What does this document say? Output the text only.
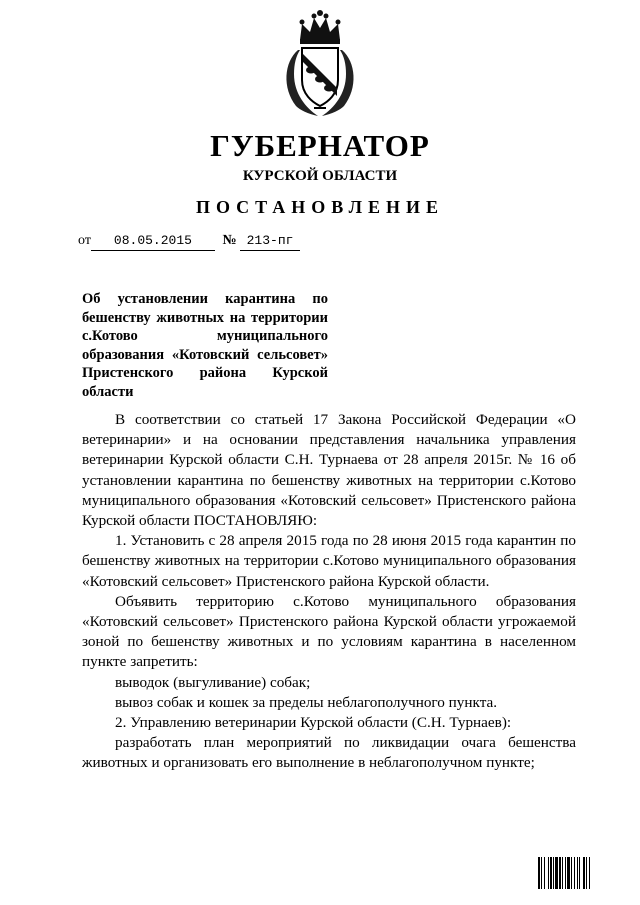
ГУБЕРНАТОР
КУРСКОЙ ОБЛАСТИ
ПОСТАНОВЛЕНИЕ
от 08.05.2015 № 213-пг
Об установлении карантина по бешенству животных на территории с.Котово муниципального образования «Котовский сельсовет» Пристенского района Курской области

В соответствии со статьей 17 Закона Российской Федерации «О ветеринарии» и на основании представления начальника управления ветеринарии Курской области С.Н. Турнаева от 28 апреля 2015г. № 16 об установлении карантина по бешенству животных на территории с.Котово муниципального образования «Котовский сельсовет» Пристенского района Курской области ПОСТАНОВЛЯЮ:

1. Установить с 28 апреля 2015 года по 28 июня 2015 года карантин по бешенству животных на территории с.Котово муниципального образования «Котовский сельсовет» Пристенского района Курской области.

Объявить территорию с.Котово муниципального образования «Котовский сельсовет» Пристенского района Курской области угрожаемой зоной по бешенству животных и по условиям карантина в населенном пункте запретить:

выводок (выгуливание) собак;

вывоз собак и кошек за пределы неблагополучного пункта.

2. Управлению ветеринарии Курской области (С.Н. Турнаев):

разработать план мероприятий по ликвидации очага бешенства животных и организовать его выполнение в неблагополучном пункте;
